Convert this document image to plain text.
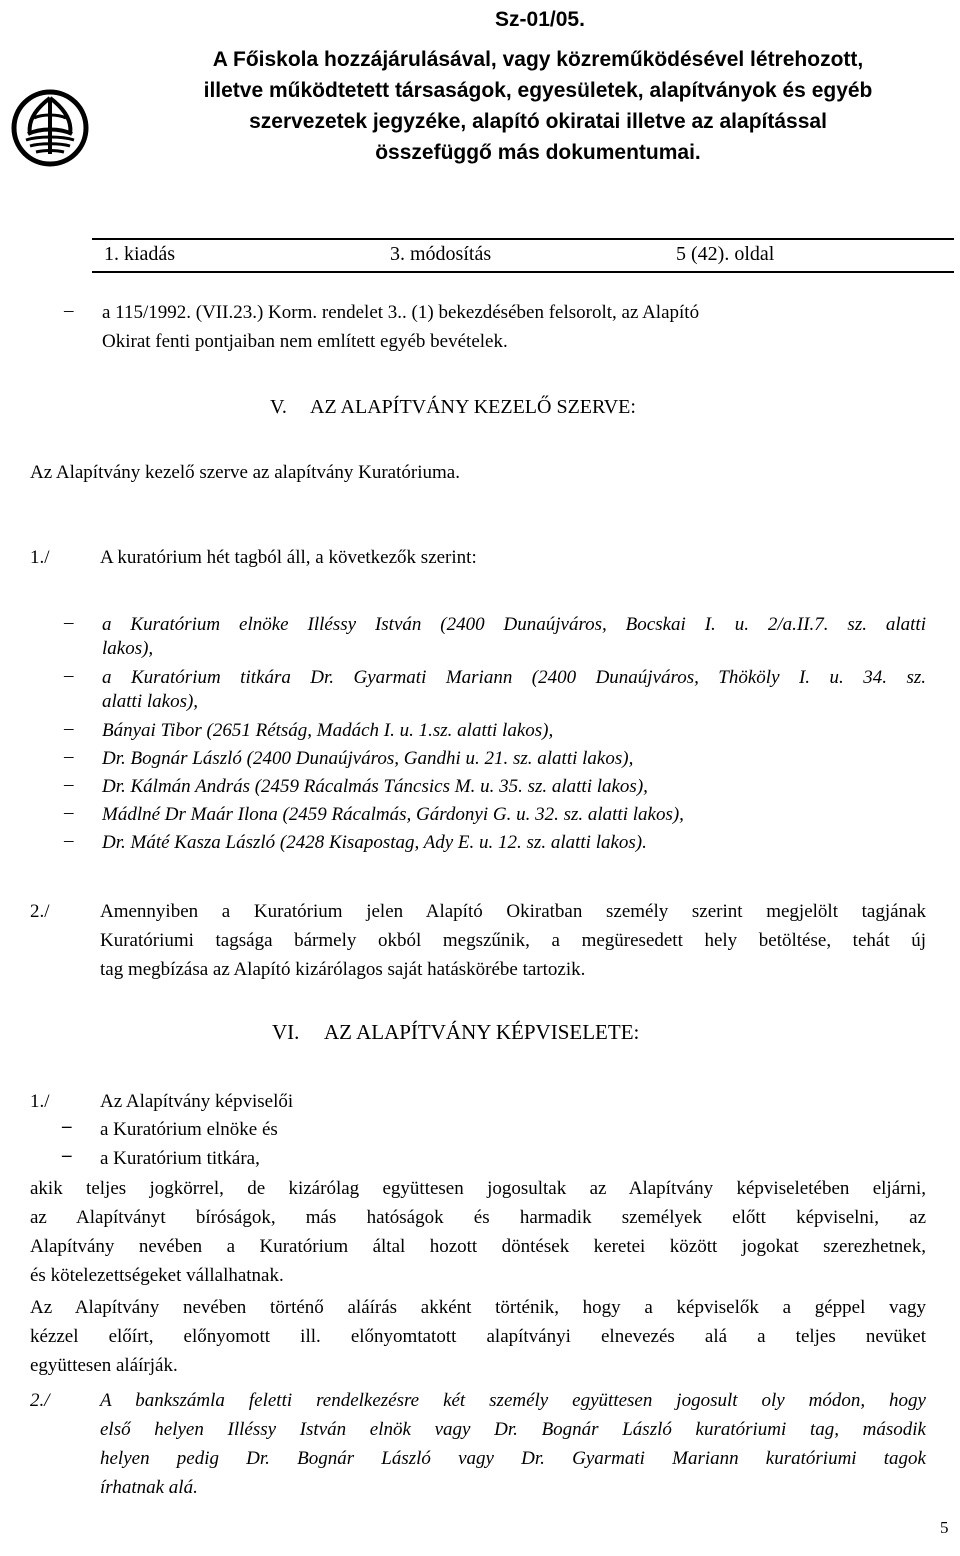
Sz-01/05.
A Főiskola hozzájárulásával, vagy közreműködésével létrehozott,
illetve működtetett társaságok, egyesületek, alapítványok és egyéb
szervezetek jegyzéke, alapító okiratai illetve az alapítással
összefüggő más dokumentumai.
1. kiadás	3. módosítás	5 (42). oldal
– a 115/1992. (VII.23.) Korm. rendelet 3.. (1) bekezdésében felsorolt, az Alapító
Okirat fenti pontjaiban nem említett egyéb bevételek.
V. AZ ALAPÍTVÁNY KEZELŐ SZERVE:
Az Alapítvány kezelő szerve az alapítvány Kuratóriuma.
1./	A kuratórium hét tagból áll, a következők szerint:
– a Kuratórium elnöke Illéssy István (2400 Dunaújváros, Bocskai I. u. 2/a.II.7. sz. alatti
lakos),
– a Kuratórium titkára Dr. Gyarmati Mariann (2400 Dunaújváros, Thököly I. u. 34. sz.
alatti lakos),
– Bányai Tibor (2651 Rétság, Madách I. u. 1.sz. alatti lakos),
– Dr. Bognár László (2400 Dunaújváros, Gandhi u. 21. sz. alatti lakos),
– Dr. Kálmán András (2459 Rácalmás Táncsics M. u. 35. sz. alatti lakos),
– Mádlné Dr Maár Ilona (2459 Rácalmás, Gárdonyi G. u. 32. sz. alatti lakos),
– Dr. Máté Kasza László (2428 Kisapostag, Ady E. u. 12. sz. alatti lakos).
2./	Amennyiben a Kuratórium jelen Alapító Okiratban személy szerint megjelölt tagjának
Kuratóriumi tagsága bármely okból megszűnik, a megüresedett hely betöltése, tehát új
tag megbízása az Alapító kizárólagos saját hatáskörébe tartozik.
VI. AZ ALAPÍTVÁNY KÉPVISELETE:
1./	Az Alapítvány képviselői
– a Kuratórium elnöke és
– a Kuratórium titkára,
akik teljes jogkörrel, de kizárólag együttesen jogosultak az Alapítvány képviseletében eljárni,
az Alapítványt bíróságok, más hatóságok és harmadik személyek előtt képviselni, az
Alapítvány nevében a Kuratórium által hozott döntések keretei között jogokat szerezhetnek,
és kötelezettségeket vállalhatnak.
Az Alapítvány nevében történő aláírás akként történik, hogy a képviselők a géppel vagy
kézzel előírt, előnyomott ill. előnyomtatott alapítványi elnevezés alá a teljes nevüket
együttesen aláírják.
2./	A bankszámla feletti rendelkezésre két személy együttesen jogosult oly módon, hogy
első helyen Illéssy István elnök vagy Dr. Bognár László kuratóriumi tag, második
helyen pedig Dr. Bognár László vagy Dr. Gyarmati Mariann kuratóriumi tagok
írhatnak alá.
5
